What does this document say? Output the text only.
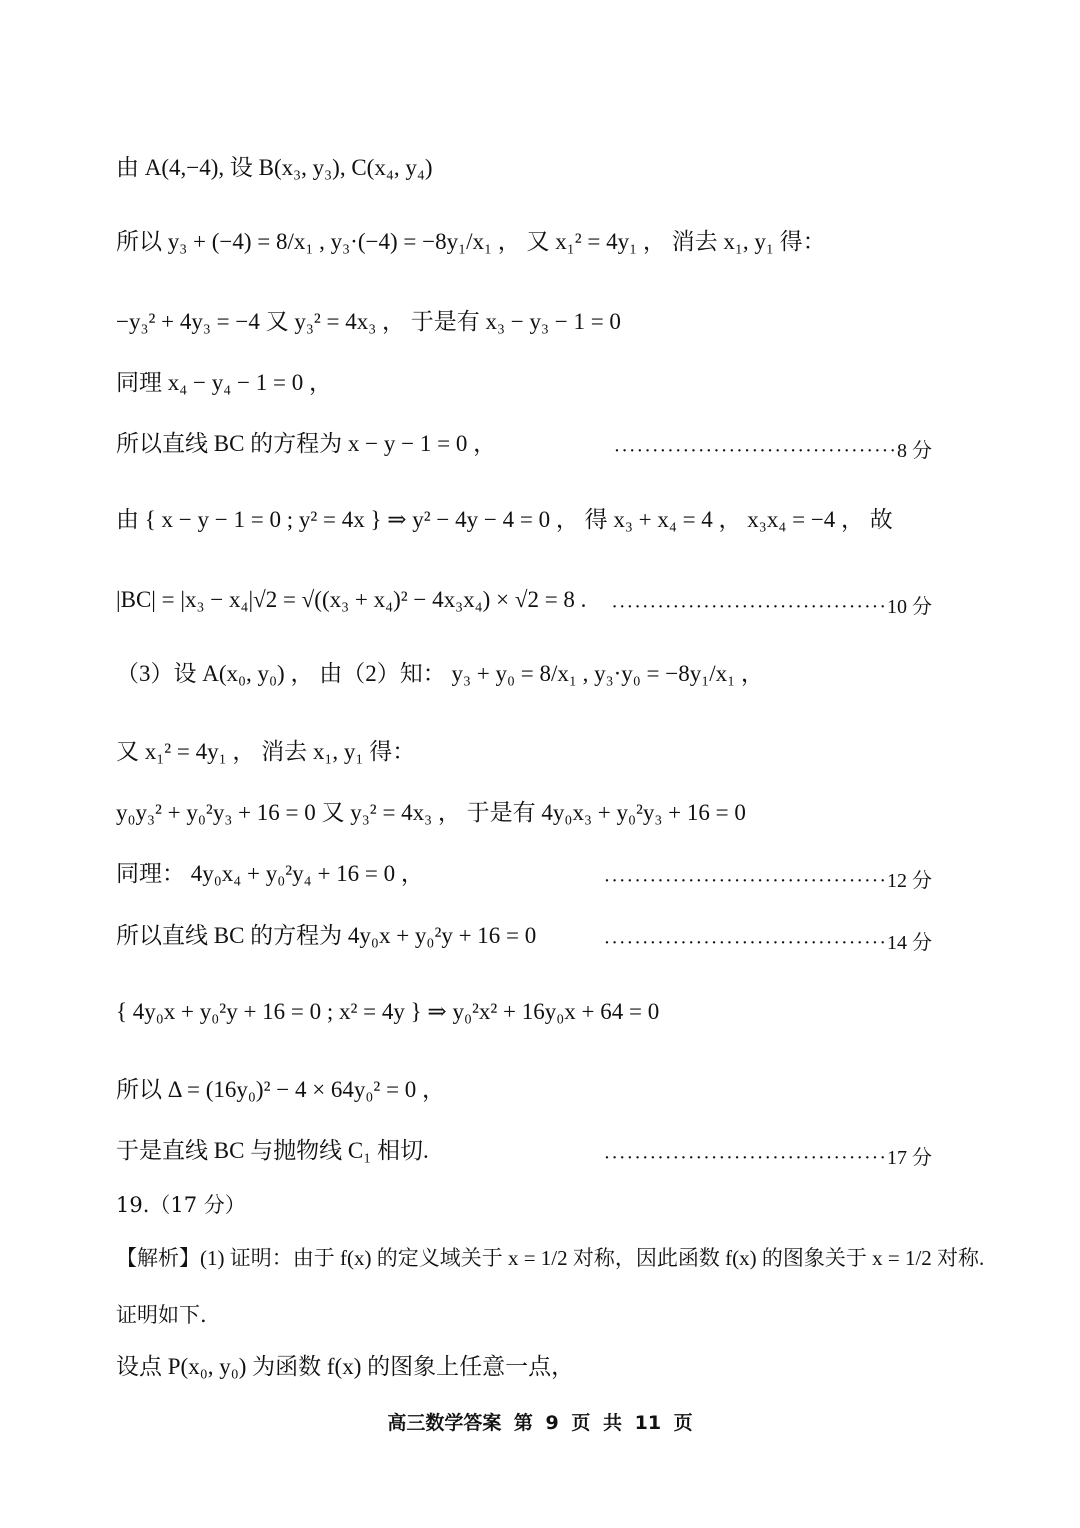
由 A(4,−4), 设 B(x₃, y₃), C(x₄, y₄)
所以 y₃ + (−4) = 8/x₁ , y₃·(−4) = −8y₁/x₁ ， 又 x₁² = 4y₁ ， 消去 x₁, y₁ 得：
−y₃² + 4y₃ = −4 又 y₃² = 4x₃ ， 于是有 x₃ − y₃ − 1 = 0
同理 x₄ − y₄ − 1 = 0 ，
所以直线 BC 的方程为 x − y − 1 = 0 ，	·····································8 分
由 { x − y − 1 = 0 ; y² = 4x } ⇒ y² − 4y − 4 = 0 ， 得 x₃ + x₄ = 4 ， x₃x₄ = −4 ， 故
|BC| = |x₃ − x₄|√2 = √((x₃ + x₄)² − 4x₃x₄) × √2 = 8 .	····································10 分
（3）设 A(x₀, y₀) ， 由（2）知： y₃ + y₀ = 8/x₁ , y₃·y₀ = −8y₁/x₁ ，
又 x₁² = 4y₁ ， 消去 x₁, y₁ 得：
y₀y₃² + y₀²y₃ + 16 = 0 又 y₃² = 4x₃ ， 于是有 4y₀x₃ + y₀²y₃ + 16 = 0
同理： 4y₀x₄ + y₀²y₄ + 16 = 0 ，	·····································12 分
所以直线 BC 的方程为 4y₀x + y₀²y + 16 = 0	·····································14 分
{ 4y₀x + y₀²y + 16 = 0 ; x² = 4y } ⇒ y₀²x² + 16y₀x + 64 = 0
所以 Δ = (16y₀)² − 4 × 64y₀² = 0 ，
于是直线 BC 与抛物线 C₁ 相切.	·····································17 分
19.（17 分）
【解析】(1) 证明：由于 f(x) 的定义域关于 x = 1/2 对称，因此函数 f(x) 的图象关于 x = 1/2 对称.
证明如下.
设点 P(x₀, y₀) 为函数 f(x) 的图象上任意一点，
高三数学答案 第 9 页 共 11 页
